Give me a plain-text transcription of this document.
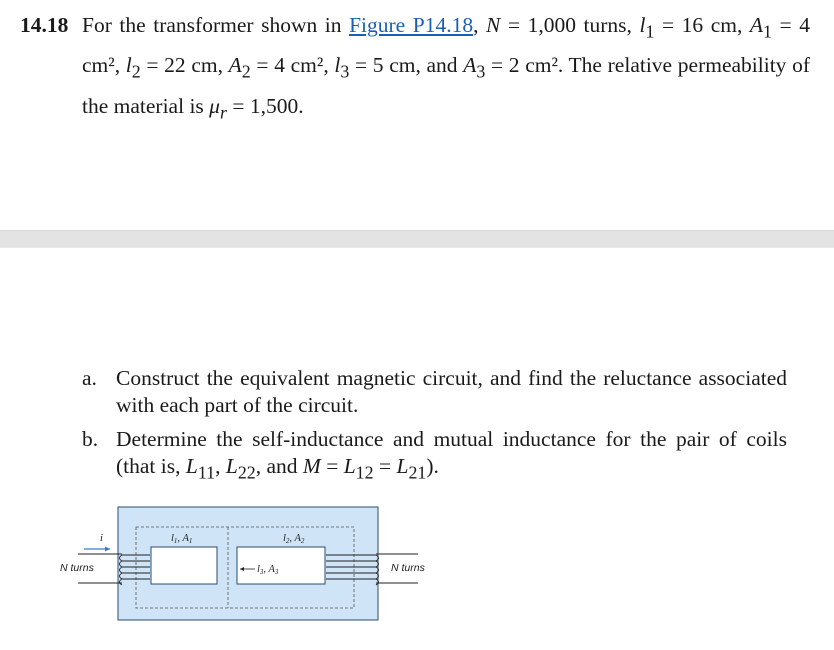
14.18 For the transformer shown in Figure P14.18, N = 1,000 turns, $l_1 = 16$ cm, $A_1 = 4$ cm², $l_2 = 22$ cm, $A_2 = 4$ cm², $l_3 = 5$ cm, and $A_3 = 2$ cm². The relative permeability of the material is $\mu_r = 1,500$.
a. Construct the equivalent magnetic circuit, and find the reluctance associated with each part of the circuit.
b. Determine the self-inductance and mutual inductance for the pair of coils (that is, $L_{11}$, $L_{22}$, and $M = L_{12} = L_{21}$).
l1, A1	l2, A2
l3, A3
i
N turns	N turns
